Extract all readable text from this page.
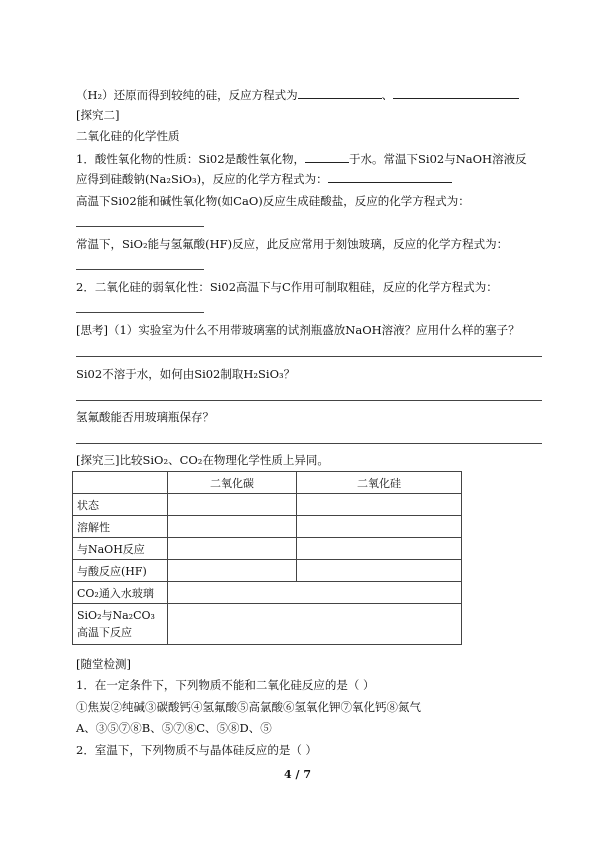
（H₂）还原而得到较纯的硅，反应方程式为	、
[探究二]
二氧化硅的化学性质
1．酸性氧化物的性质：Si02是酸性氧化物，	于水。常温下Si02与NaOH溶液反
应得到硅酸钠(Na₂SiO₃)，反应的化学方程式为：
高温下Si02能和碱性氧化物(如CaO)反应生成硅酸盐，反应的化学方程式为：
常温下，SiO₂能与氢氟酸(HF)反应，此反应常用于刻蚀玻璃，反应的化学方程式为：
2．二氧化硅的弱氧化性：Si02高温下与C作用可制取粗硅，反应的化学方程式为：
[思考]（1）实验室为什么不用带玻璃塞的试剂瓶盛放NaOH溶液？应用什么样的塞子？
Si02不溶于水，如何由Si02制取H₂SiO₃？
氢氟酸能否用玻璃瓶保存？
[探究三]比较SiO₂、CO₂在物理化学性质上异同。
	二氧化碳	二氧化硅
状态		
溶解性		
与NaOH反应		
与酸反应(HF)		
CO₂通入水玻璃		

SiO₂与Na₂CO₃
高温下反应		

[随堂检测]
1．在一定条件下，下列物质不能和二氧化硅反应的是（ ）
①焦炭②纯碱③碳酸钙④氢氟酸⑤高氯酸⑥氢氧化钾⑦氧化钙⑧氮气
A、③⑤⑦⑧B、⑤⑦⑧C、⑤⑧D、⑤
2．室温下，下列物质不与晶体硅反应的是（ ）
4 / 7
